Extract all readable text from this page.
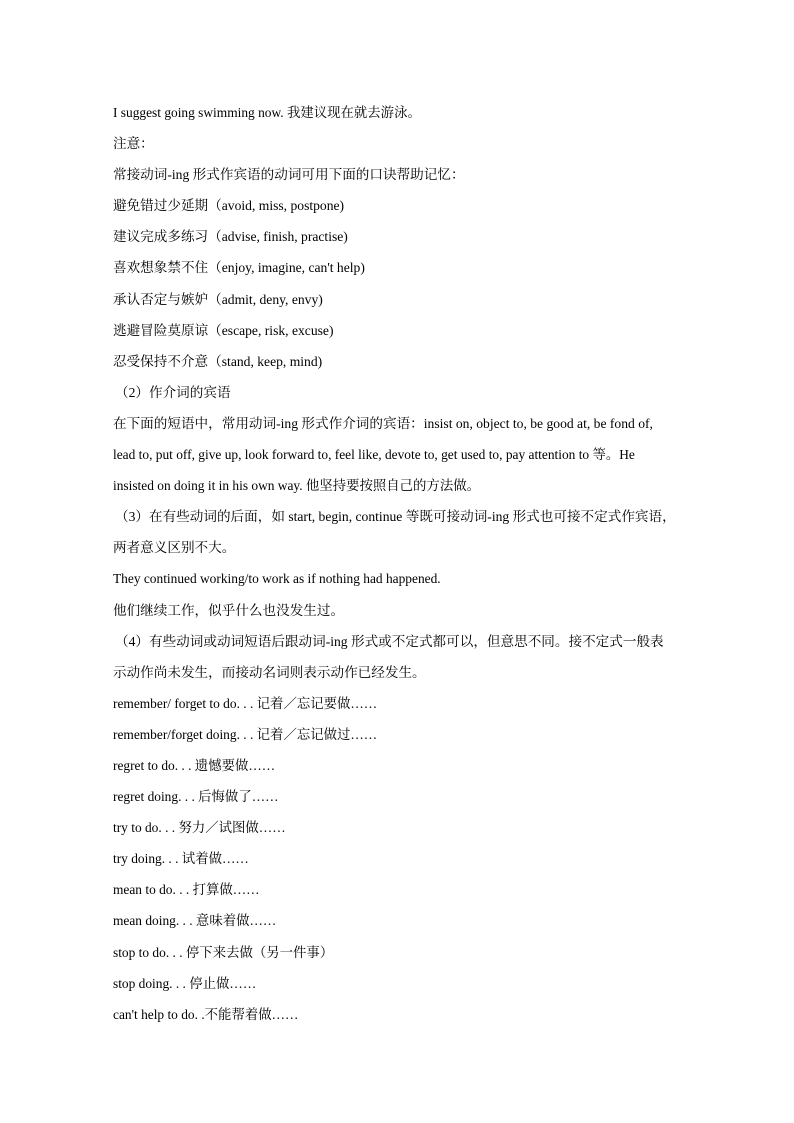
I suggest going swimming now. 我建议现在就去游泳。
注意：
常接动词-ing 形式作宾语的动词可用下面的口诀帮助记忆：
避免错过少延期（avoid, miss, postpone)
建议完成多练习（advise, finish, practise)
喜欢想象禁不住（enjoy, imagine, can't help)
承认否定与嫉妒（admit, deny, envy)
逃避冒险莫原谅（escape, risk, excuse)
忍受保持不介意（stand, keep, mind)
（2）作介词的宾语
在下面的短语中，常用动词-ing 形式作介词的宾语：insist on, object to, be good at, be fond of,
lead to, put off, give up, look forward to, feel like, devote to, get used to, pay attention to 等。He
insisted on doing it in his own way. 他坚持要按照自己的方法做。
（3）在有些动词的后面，如 start, begin, continue 等既可接动词-ing 形式也可接不定式作宾语，
两者意义区别不大。
They continued working/to work as if nothing had happened.
他们继续工作，似乎什么也没发生过。
（4）有些动词或动词短语后跟动词-ing 形式或不定式都可以，但意思不同。接不定式一般表
示动作尚未发生，而接动名词则表示动作已经发生。
remember/ forget to do. . . 记着／忘记要做……
remember/forget doing. . . 记着／忘记做过……
regret to do. . . 遗憾要做……
regret doing. . . 后悔做了……
try to do. . . 努力／试图做……
try doing. . . 试着做……
mean to do. . . 打算做……
mean doing. . . 意味着做……
stop to do. . . 停下来去做（另一件事）
stop doing. . . 停止做……
can't help to do. .不能帮着做……
